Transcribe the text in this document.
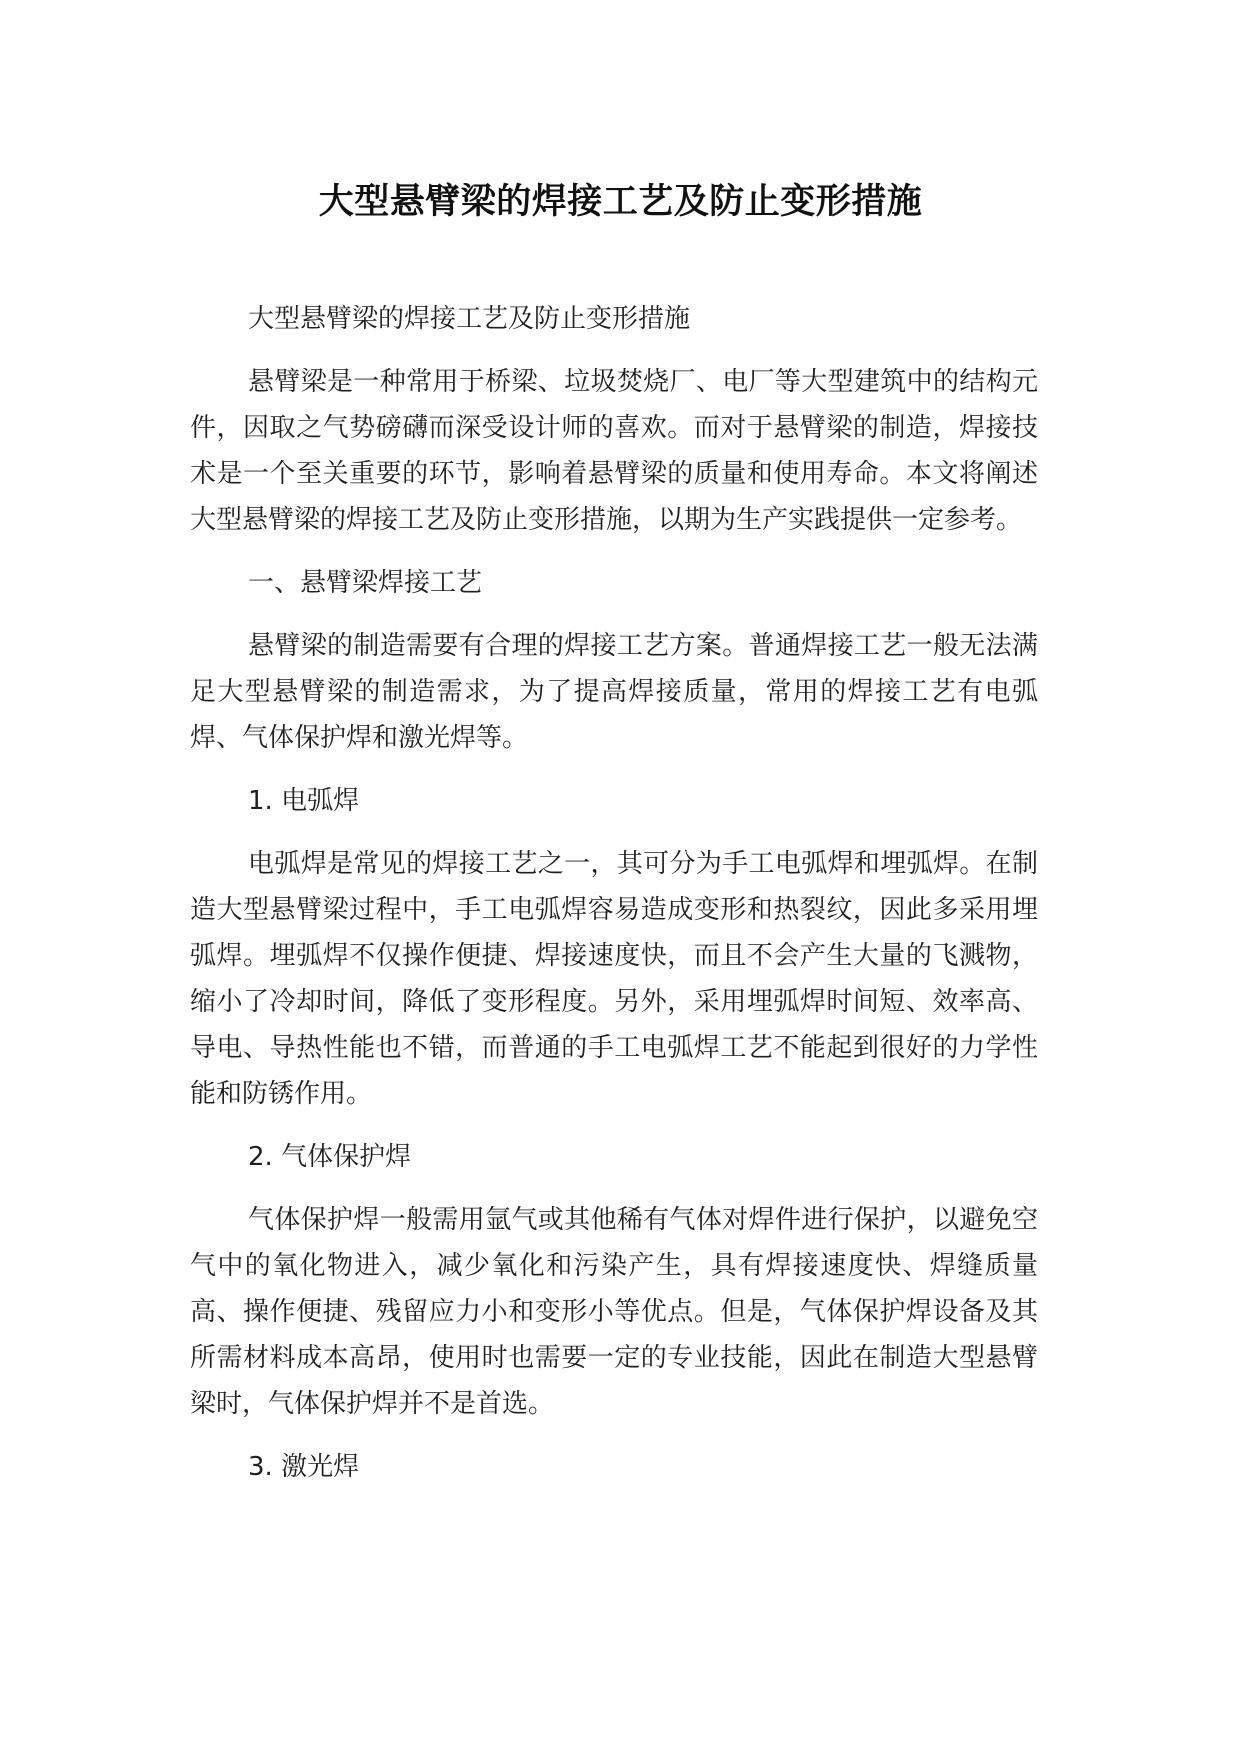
大型悬臂梁的焊接工艺及防止变形措施

大型悬臂梁的焊接工艺及防止变形措施

悬臂梁是一种常用于桥梁、垃圾焚烧厂、电厂等大型建筑中的结构元件，因取之气势磅礴而深受设计师的喜欢。而对于悬臂梁的制造，焊接技术是一个至关重要的环节，影响着悬臂梁的质量和使用寿命。本文将阐述大型悬臂梁的焊接工艺及防止变形措施，以期为生产实践提供一定参考。

一、悬臂梁焊接工艺

悬臂梁的制造需要有合理的焊接工艺方案。普通焊接工艺一般无法满足大型悬臂梁的制造需求，为了提高焊接质量，常用的焊接工艺有电弧焊、气体保护焊和激光焊等。

1. 电弧焊

电弧焊是常见的焊接工艺之一，其可分为手工电弧焊和埋弧焊。在制造大型悬臂梁过程中，手工电弧焊容易造成变形和热裂纹，因此多采用埋弧焊。埋弧焊不仅操作便捷、焊接速度快，而且不会产生大量的飞溅物，缩小了冷却时间，降低了变形程度。另外，采用埋弧焊时间短、效率高、导电、导热性能也不错，而普通的手工电弧焊工艺不能起到很好的力学性能和防锈作用。

2. 气体保护焊

气体保护焊一般需用氩气或其他稀有气体对焊件进行保护，以避免空气中的氧化物进入，减少氧化和污染产生，具有焊接速度快、焊缝质量高、操作便捷、残留应力小和变形小等优点。但是，气体保护焊设备及其所需材料成本高昂，使用时也需要一定的专业技能，因此在制造大型悬臂梁时，气体保护焊并不是首选。

3. 激光焊
